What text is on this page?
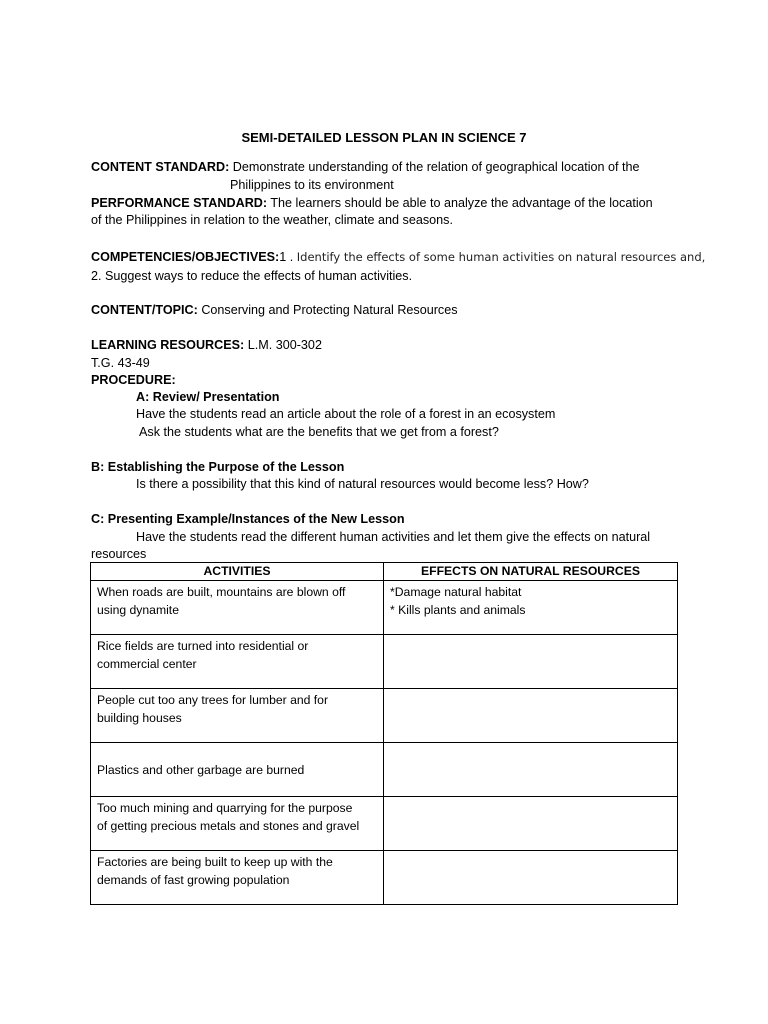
SEMI-DETAILED LESSON PLAN IN SCIENCE 7
CONTENT STANDARD: Demonstrate understanding of the relation of geographical location of the
Philippines to its environment
PERFORMANCE STANDARD: The learners should be able to analyze the advantage of the location
of the Philippines in relation to the weather, climate and seasons.
COMPETENCIES/OBJECTIVES:1 . Identify the effects of some human activities on natural resources and,
2. Suggest ways to reduce the effects of human activities.
CONTENT/TOPIC: Conserving and Protecting Natural Resources
LEARNING RESOURCES: L.M. 300-302
T.G. 43-49
PROCEDURE:
A: Review/ Presentation
Have the students read an article about the role of a forest in an ecosystem
Ask the students what are the benefits that we get from a forest?
B: Establishing the Purpose of the Lesson
Is there a possibility that this kind of natural resources would become less? How?
C: Presenting Example/Instances of the New Lesson
Have the students read the different human activities and let them give the effects on natural
resources
ACTIVITIES	EFFECTS ON NATURAL RESOURCES

When roads are built, mountains are blown off
using dynamite	*Damage natural habitat
* Kills plants and animals

Rice fields are turned into residential or
commercial center	

People cut too any trees for lumber and for
building houses	

Plastics and other garbage are burned	

Too much mining and quarrying for the purpose
of getting precious metals and stones and gravel	

Factories are being built to keep up with the
demands of fast growing population	
